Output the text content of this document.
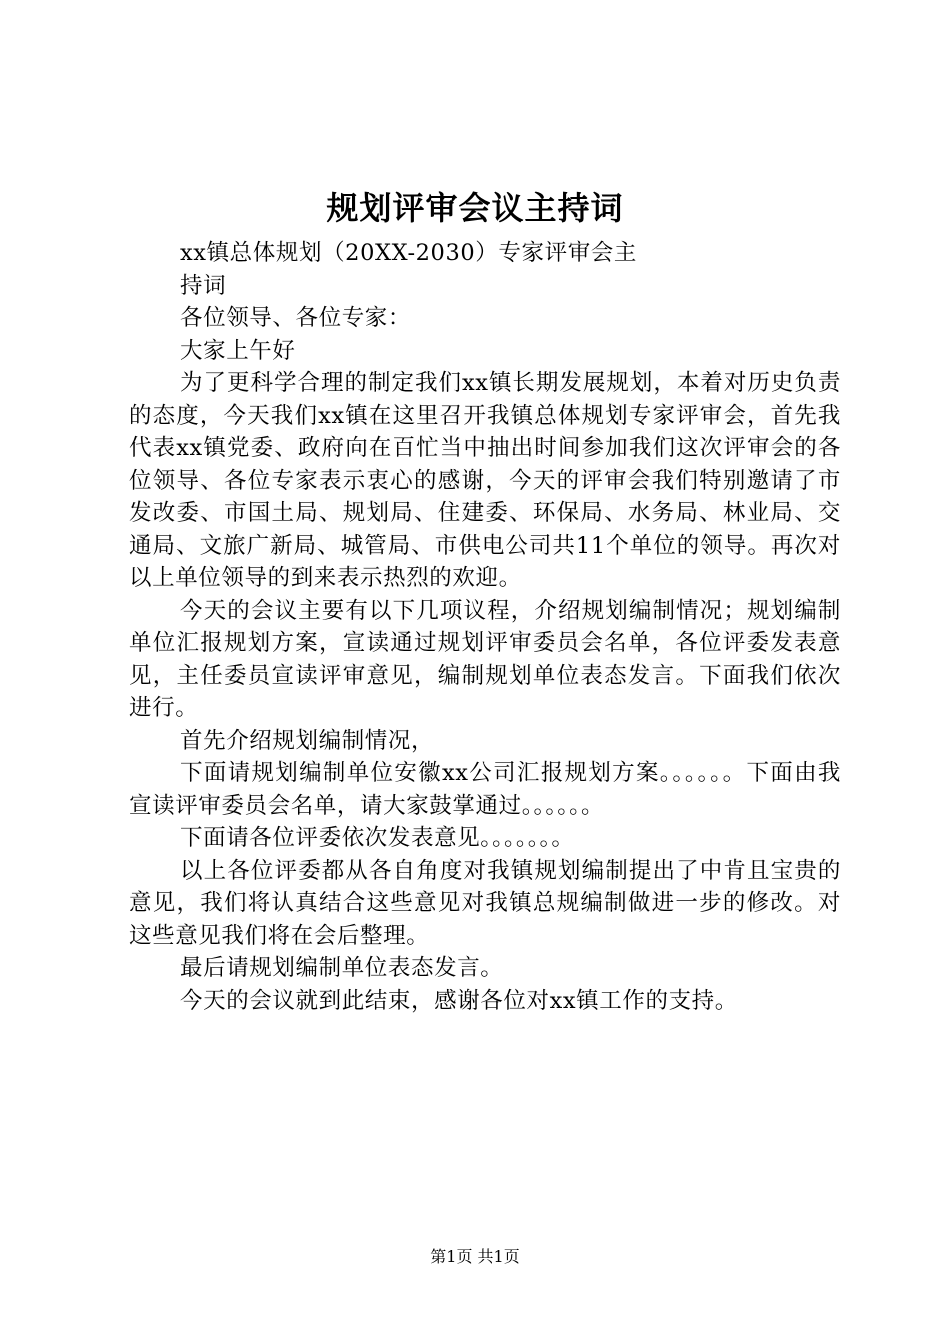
规划评审会议主持词

xx镇总体规划（20XX-2030）专家评审会主

持词

各位领导、各位专家：

大家上午好

为了更科学合理的制定我们xx镇长期发展规划，本着对历史负责的态度，今天我们xx镇在这里召开我镇总体规划专家评审会，首先我代表xx镇党委、政府向在百忙当中抽出时间参加我们这次评审会的各位领导、各位专家表示衷心的感谢，今天的评审会我们特别邀请了市发改委、市国土局、规划局、住建委、环保局、水务局、林业局、交通局、文旅广新局、城管局、市供电公司共11个单位的领导。再次对以上单位领导的到来表示热烈的欢迎。

今天的会议主要有以下几项议程，介绍规划编制情况；规划编制单位汇报规划方案，宣读通过规划评审委员会名单，各位评委发表意见，主任委员宣读评审意见，编制规划单位表态发言。下面我们依次进行。

首先介绍规划编制情况，

下面请规划编制单位安徽xx公司汇报规划方案。。。。。。下面由我宣读评审委员会名单，请大家鼓掌通过。。。。。。

下面请各位评委依次发表意见。。。。。。。

以上各位评委都从各自角度对我镇规划编制提出了中肯且宝贵的意见，我们将认真结合这些意见对我镇总规编制做进一步的修改。对这些意见我们将在会后整理。

最后请规划编制单位表态发言。

今天的会议就到此结束，感谢各位对xx镇工作的支持。

第1页 共1页
